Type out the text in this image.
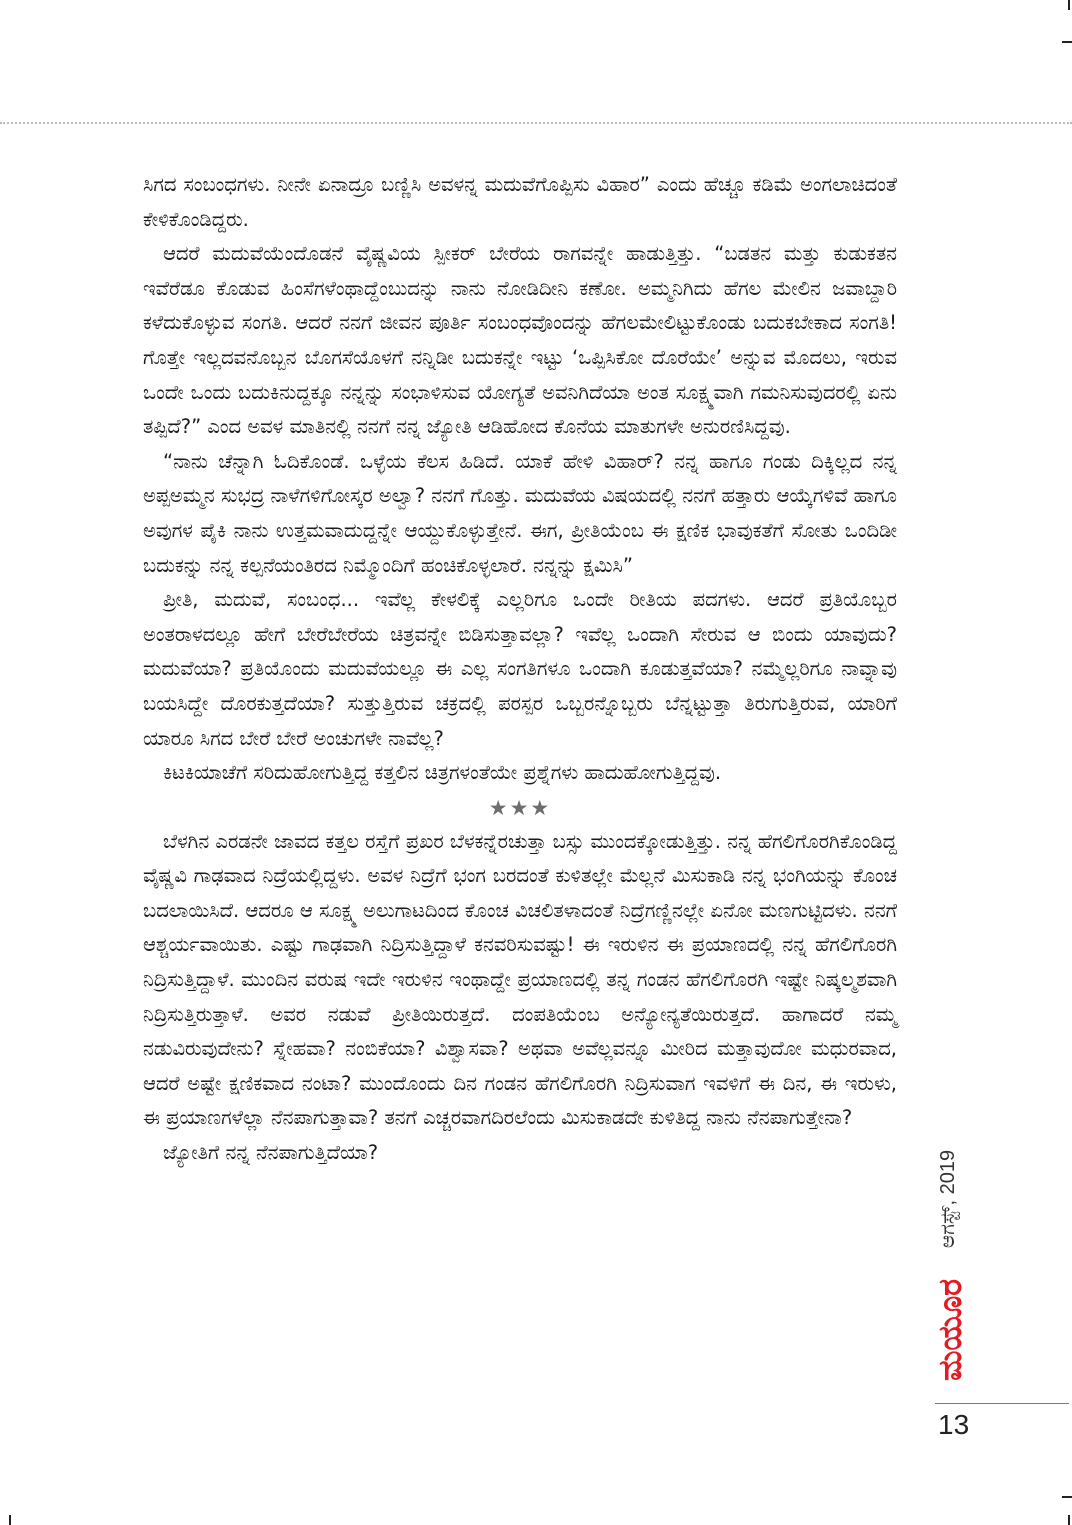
ಸಿಗದ ಸಂಬಂಧಗಳು. ನೀನೇ ಏನಾದ್ರೂ ಬಣ್ಣಿಸಿ ಅವಳನ್ನ ಮದುವೆಗೊಪ್ಪಿಸು ವಿಹಾರ” ಎಂದು ಹೆಚ್ಚೂ ಕಡಿಮೆ ಅಂಗಲಾಚಿದಂತೆ ಕೇಳಿಕೊಂಡಿದ್ದರು.

ಆದರೆ ಮದುವೆಯೆಂದೊಡನೆ ವೈಷ್ಣವಿಯ ಸ್ಪೀಕರ್ ಬೇರೆಯ ರಾಗವನ್ನೇ ಹಾಡುತ್ತಿತ್ತು. “ಬಡತನ ಮತ್ತು ಕುಡುಕತನ ಇವೆರೆಡೂ ಕೊಡುವ ಹಿಂಸೆಗಳೆಂಥಾದ್ದೆಂಬುದನ್ನು ನಾನು ನೋಡಿದೀನಿ ಕಣೋ. ಅಮ್ಮನಿಗಿದು ಹೆಗಲ ಮೇಲಿನ ಜವಾಬ್ದಾರಿ ಕಳೆದುಕೊಳ್ಳುವ ಸಂಗತಿ. ಆದರೆ ನನಗೆ ಜೀವನ ಪೂರ್ತಿ ಸಂಬಂಧವೊಂದನ್ನು ಹೆಗಲಮೇಲಿಟ್ಟುಕೊಂಡು ಬದುಕಬೇಕಾದ ಸಂಗತಿ! ಗೊತ್ತೇ ಇಲ್ಲದವನೊಬ್ಬನ ಬೊಗಸೆಯೊಳಗೆ ನನ್ನಿಡೀ ಬದುಕನ್ನೇ ಇಟ್ಟು ‘ಒಪ್ಪಿಸಿಕೋ ದೊರೆಯೇ’ ಅನ್ನುವ ಮೊದಲು, ಇರುವ ಒಂದೇ ಒಂದು ಬದುಕಿನುದ್ದಕ್ಕೂ ನನ್ನನ್ನು ಸಂಭಾಳಿಸುವ ಯೋಗ್ಯತೆ ಅವನಿಗಿದೆಯಾ ಅಂತ ಸೂಕ್ಷ್ಮವಾಗಿ ಗಮನಿಸುವುದರಲ್ಲಿ ಏನು ತಪ್ಪಿದೆ?” ಎಂದ ಅವಳ ಮಾತಿನಲ್ಲಿ ನನಗೆ ನನ್ನ ಜ್ಯೋತಿ ಆಡಿಹೋದ ಕೊನೆಯ ಮಾತುಗಳೇ ಅನುರಣಿಸಿದ್ದವು.

“ನಾನು ಚೆನ್ನಾಗಿ ಓದಿಕೊಂಡೆ. ಒಳ್ಳೆಯ ಕೆಲಸ ಹಿಡಿದೆ. ಯಾಕೆ ಹೇಳಿ ವಿಹಾರ್? ನನ್ನ ಹಾಗೂ ಗಂಡು ದಿಕ್ಕಿಲ್ಲದ ನನ್ನ ಅಪ್ಪಅಮ್ಮನ ಸುಭದ್ರ ನಾಳೆಗಳಿಗೋಸ್ಕರ ಅಲ್ವಾ? ನನಗೆ ಗೊತ್ತು. ಮದುವೆಯ ವಿಷಯದಲ್ಲಿ ನನಗೆ ಹತ್ತಾರು ಆಯ್ಕೆಗಳಿವೆ ಹಾಗೂ ಅವುಗಳ ಪೈಕಿ ನಾನು ಉತ್ತಮವಾದುದ್ದನ್ನೇ ಆಯ್ದುಕೊಳ್ಳುತ್ತೇನೆ. ಈಗ, ಪ್ರೀತಿಯೆಂಬ ಈ ಕ್ಷಣಿಕ ಭಾವುಕತೆಗೆ ಸೋತು ಒಂದಿಡೀ ಬದುಕನ್ನು ನನ್ನ ಕಲ್ಪನೆಯಂತಿರದ ನಿಮ್ಮೊಂದಿಗೆ ಹಂಚಿಕೊಳ್ಳಲಾರೆ. ನನ್ನನ್ನು ಕ್ಷಮಿಸಿ”

ಪ್ರೀತಿ, ಮದುವೆ, ಸಂಬಂಧ... ಇವೆಲ್ಲ ಕೇಳಲಿಕ್ಕೆ ಎಲ್ಲರಿಗೂ ಒಂದೇ ರೀತಿಯ ಪದಗಳು. ಆದರೆ ಪ್ರತಿಯೊಬ್ಬರ ಅಂತರಾಳದಲ್ಲೂ ಹೇಗೆ ಬೇರೆಬೇರೆಯ ಚಿತ್ರವನ್ನೇ ಬಿಡಿಸುತ್ತಾವಲ್ಲಾ? ಇವೆಲ್ಲ ಒಂದಾಗಿ ಸೇರುವ ಆ ಬಿಂದು ಯಾವುದು? ಮದುವೆಯಾ? ಪ್ರತಿಯೊಂದು ಮದುವೆಯಲ್ಲೂ ಈ ಎಲ್ಲ ಸಂಗತಿಗಳೂ ಒಂದಾಗಿ ಕೂಡುತ್ತವೆಯಾ? ನಮ್ಮೆಲ್ಲರಿಗೂ ನಾವ್ನಾವು ಬಯಸಿದ್ದೇ ದೊರಕುತ್ತದೆಯಾ? ಸುತ್ತುತ್ತಿರುವ ಚಕ್ರದಲ್ಲಿ ಪರಸ್ಪರ ಒಬ್ಬರನ್ನೊಬ್ಬರು ಬೆನ್ನಟ್ಟುತ್ತಾ ತಿರುಗುತ್ತಿರುವ, ಯಾರಿಗೆ ಯಾರೂ ಸಿಗದ ಬೇರೆ ಬೇರೆ ಅಂಚುಗಳೇ ನಾವೆಲ್ಲ?

ಕಿಟಕಿಯಾಚೆಗೆ ಸರಿದುಹೋಗುತ್ತಿದ್ದ ಕತ್ತಲಿನ ಚಿತ್ರಗಳಂತೆಯೇ ಪ್ರಶ್ನೆಗಳು ಹಾದುಹೋಗುತ್ತಿದ್ದವು.

★★★

ಬೆಳಗಿನ ಎರಡನೇ ಜಾವದ ಕತ್ತಲ ರಸ್ತೆಗೆ ಪ್ರಖರ ಬೆಳಕನ್ನೆರಚುತ್ತಾ ಬಸ್ಸು ಮುಂದಕ್ಕೋಡುತ್ತಿತ್ತು. ನನ್ನ ಹೆಗಲಿಗೊರಗಿಕೊಂಡಿದ್ದ ವೈಷ್ಣವಿ ಗಾಢವಾದ ನಿದ್ರೆಯಲ್ಲಿದ್ದಳು. ಅವಳ ನಿದ್ರೆಗೆ ಭಂಗ ಬರದಂತೆ ಕುಳಿತಲ್ಲೇ ಮೆಲ್ಲನೆ ಮಿಸುಕಾಡಿ ನನ್ನ ಭಂಗಿಯನ್ನು ಕೊಂಚ ಬದಲಾಯಿಸಿದೆ. ಆದರೂ ಆ ಸೂಕ್ಷ್ಮ ಅಲುಗಾಟದಿಂದ ಕೊಂಚ ವಿಚಲಿತಳಾದಂತೆ ನಿದ್ರೆಗಣ್ಣಿನಲ್ಲೇ ಏನೋ ಮಣಗುಟ್ಟಿದಳು. ನನಗೆ ಆಶ್ಚರ್ಯವಾಯಿತು. ಎಷ್ಟು ಗಾಢವಾಗಿ ನಿದ್ರಿಸುತ್ತಿದ್ದಾಳೆ ಕನವರಿಸುವಷ್ಟು! ಈ ಇರುಳಿನ ಈ ಪ್ರಯಾಣದಲ್ಲಿ ನನ್ನ ಹೆಗಲಿಗೊರಗಿ ನಿದ್ರಿಸುತ್ತಿದ್ದಾಳೆ. ಮುಂದಿನ ವರುಷ ಇದೇ ಇರುಳಿನ ಇಂಥಾದ್ದೇ ಪ್ರಯಾಣದಲ್ಲಿ ತನ್ನ ಗಂಡನ ಹೆಗಲಿಗೊರಗಿ ಇಷ್ಟೇ ನಿಷ್ಕಲ್ಮಶವಾಗಿ ನಿದ್ರಿಸುತ್ತಿರುತ್ತಾಳೆ. ಅವರ ನಡುವೆ ಪ್ರೀತಿಯಿರುತ್ತದೆ. ದಂಪತಿಯೆಂಬ ಅನ್ಯೋನ್ಯತೆಯಿರುತ್ತದೆ. ಹಾಗಾದರೆ ನಮ್ಮ ನಡುವಿರುವುದೇನು? ಸ್ನೇಹವಾ? ನಂಬಿಕೆಯಾ? ವಿಶ್ವಾಸವಾ? ಅಥವಾ ಅವೆಲ್ಲವನ್ನೂ ಮೀರಿದ ಮತ್ತಾವುದೋ ಮಧುರವಾದ, ಆದರೆ ಅಷ್ಟೇ ಕ್ಷಣಿಕವಾದ ನಂಟಾ? ಮುಂದೊಂದು ದಿನ ಗಂಡನ ಹೆಗಲಿಗೊರಗಿ ನಿದ್ರಿಸುವಾಗ ಇವಳಿಗೆ ಈ ದಿನ, ಈ ಇರುಳು, ಈ ಪ್ರಯಾಣಗಳೆಲ್ಲಾ ನೆನಪಾಗುತ್ತಾವಾ? ತನಗೆ ಎಚ್ಚರವಾಗದಿರಲೆಂದು ಮಿಸುಕಾಡದೇ ಕುಳಿತಿದ್ದ ನಾನು ನೆನಪಾಗುತ್ತೇನಾ?

ಜ್ಯೋತಿಗೆ ನನ್ನ ನೆನಪಾಗುತ್ತಿದೆಯಾ?	ಆಗಸ್ಟ್, 2019
ಮಯೂರ
13
